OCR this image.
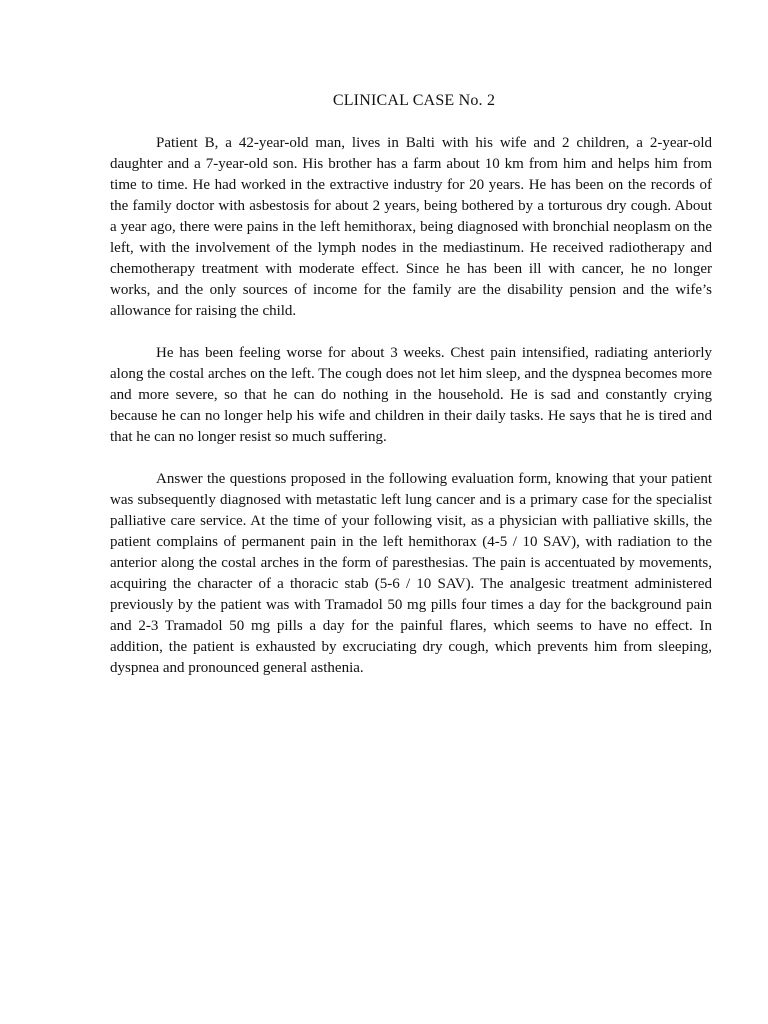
CLINICAL CASE No. 2

Patient B, a 42-year-old man, lives in Balti with his wife and 2 children, a 2-year-old daughter and a 7-year-old son. His brother has a farm about 10 km from him and helps him from time to time. He had worked in the extractive industry for 20 years. He has been on the records of the family doctor with asbestosis for about 2 years, being bothered by a torturous dry cough. About a year ago, there were pains in the left hemithorax, being diagnosed with bronchial neoplasm on the left, with the involvement of the lymph nodes in the mediastinum. He received radiotherapy and chemotherapy treatment with moderate effect. Since he has been ill with cancer, he no longer works, and the only sources of income for the family are the disability pension and the wife’s allowance for raising the child.

He has been feeling worse for about 3 weeks. Chest pain intensified, radiating anteriorly along the costal arches on the left. The cough does not let him sleep, and the dyspnea becomes more and more severe, so that he can do nothing in the household. He is sad and constantly crying because he can no longer help his wife and children in their daily tasks. He says that he is tired and that he can no longer resist so much suffering.

Answer the questions proposed in the following evaluation form, knowing that your patient was subsequently diagnosed with metastatic left lung cancer and is a primary case for the specialist palliative care service. At the time of your following visit, as a physician with palliative skills, the patient complains of permanent pain in the left hemithorax (4-5 / 10 SAV), with radiation to the anterior along the costal arches in the form of paresthesias. The pain is accentuated by movements, acquiring the character of a thoracic stab (5-6 / 10 SAV). The analgesic treatment administered previously by the patient was with Tramadol 50 mg pills four times a day for the background pain and 2-3 Tramadol 50 mg pills a day for the painful flares, which seems to have no effect. In addition, the patient is exhausted by excruciating dry cough, which prevents him from sleeping, dyspnea and pronounced general asthenia.
